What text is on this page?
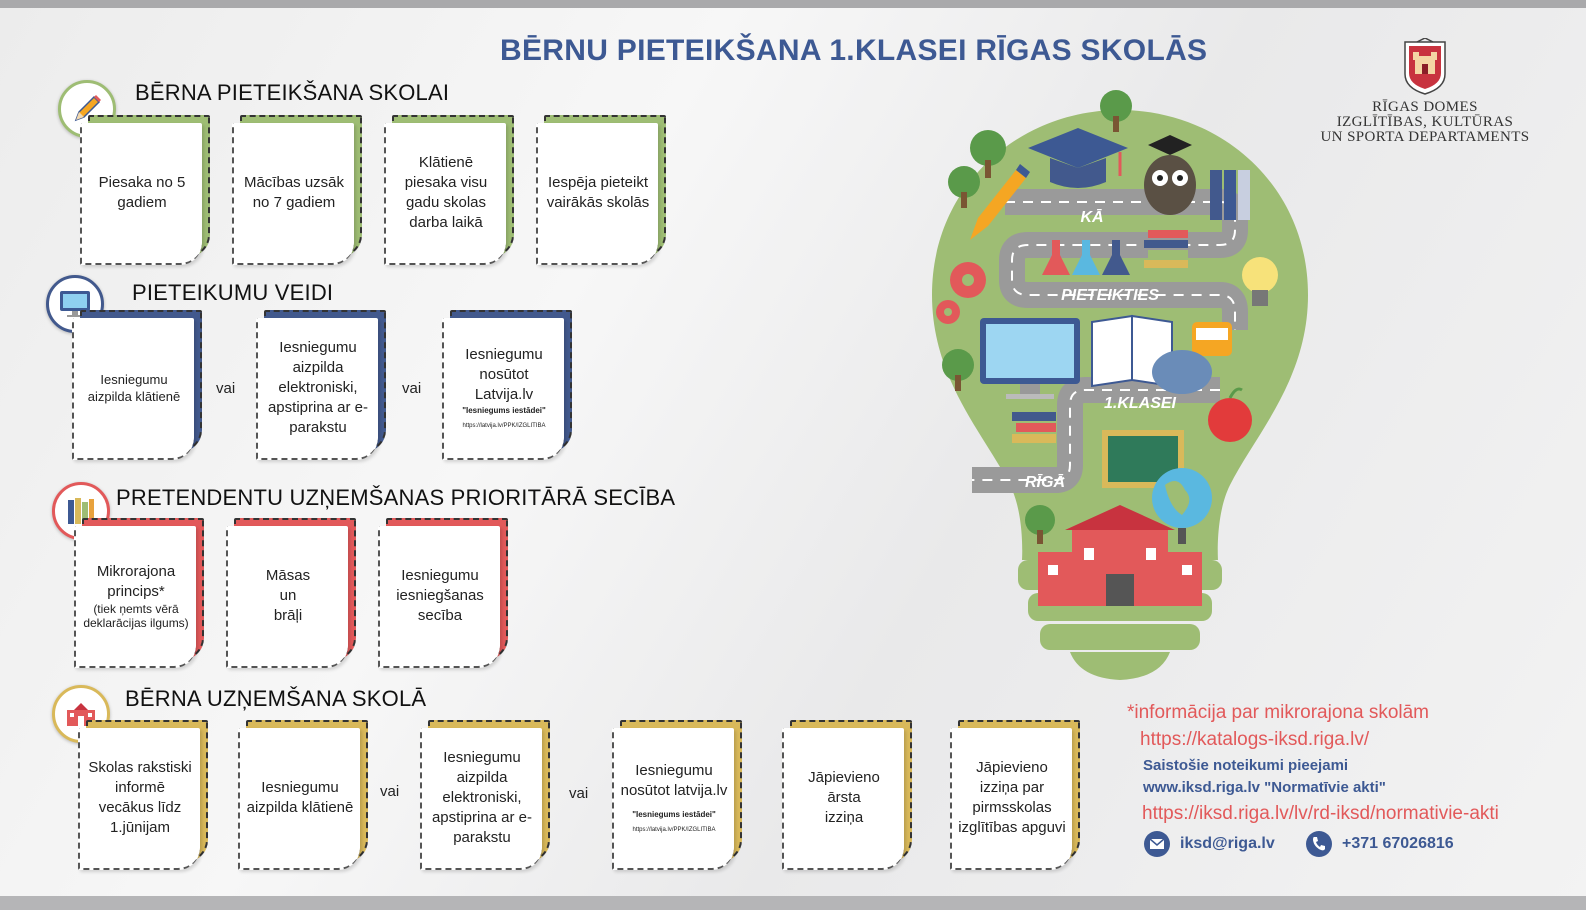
BĒRNU PIETEIKŠANA 1.KLASEI RĪGAS SKOLĀS
RĪGAS DOMES
IZGLĪTĪBAS, KULTŪRAS
UN SPORTA DEPARTAMENTS
BĒRNA PIETEIKŠANA SKOLAI
Piesaka no 5 gadiem
Mācības uzsāk no 7 gadiem
Klātienē piesaka visu gadu skolas darba laikā
Iespēja pieteikt vairākās skolās
PIETEIKUMU VEIDI
Iesniegumu aizpilda klātienē	vai
Iesniegumu aizpilda elektroniski, apstiprina ar e-parakstu
vai
Iesniegumu nosūtot Latvija.lv
"Iesniegums iestādei"
https://latvija.lv/PPK/IZGLITIBA
PRETENDENTU UZŅEMŠANAS PRIORITĀRĀ SECĪBA
Mikrorajona princips*
(tiek ņemts vērā deklarācijas ilgums)
Māsas un brāļi
Iesniegumu iesniegšanas secība
BĒRNA UZŅEMŠANA SKOLĀ
Skolas rakstiski informē vecākus līdz 1.jūnijam
Iesniegumu aizpilda klātienē
vai
Iesniegumu aizpilda elektroniski, apstiprina ar e-parakstu
vai
Iesniegumu nosūtot latvija.lv
"Iesniegums iestādei"
https://latvija.lv/PPK/IZGLITIBA
Jāpievieno ārsta izziņa
Jāpievieno izziņa par pirmsskolas izglītības apguvi
KĀ
PIETEIKTIES
1.KLASEI
RĪGĀ
*informācija par mikrorajona skolām
https://katalogs-iksd.riga.lv/
Saistošie noteikumi pieejami
www.iksd.riga.lv "Normatīvie akti"
https://iksd.riga.lv/lv/rd-iksd/normativie-akti
iksd@riga.lv	+371 67026816
